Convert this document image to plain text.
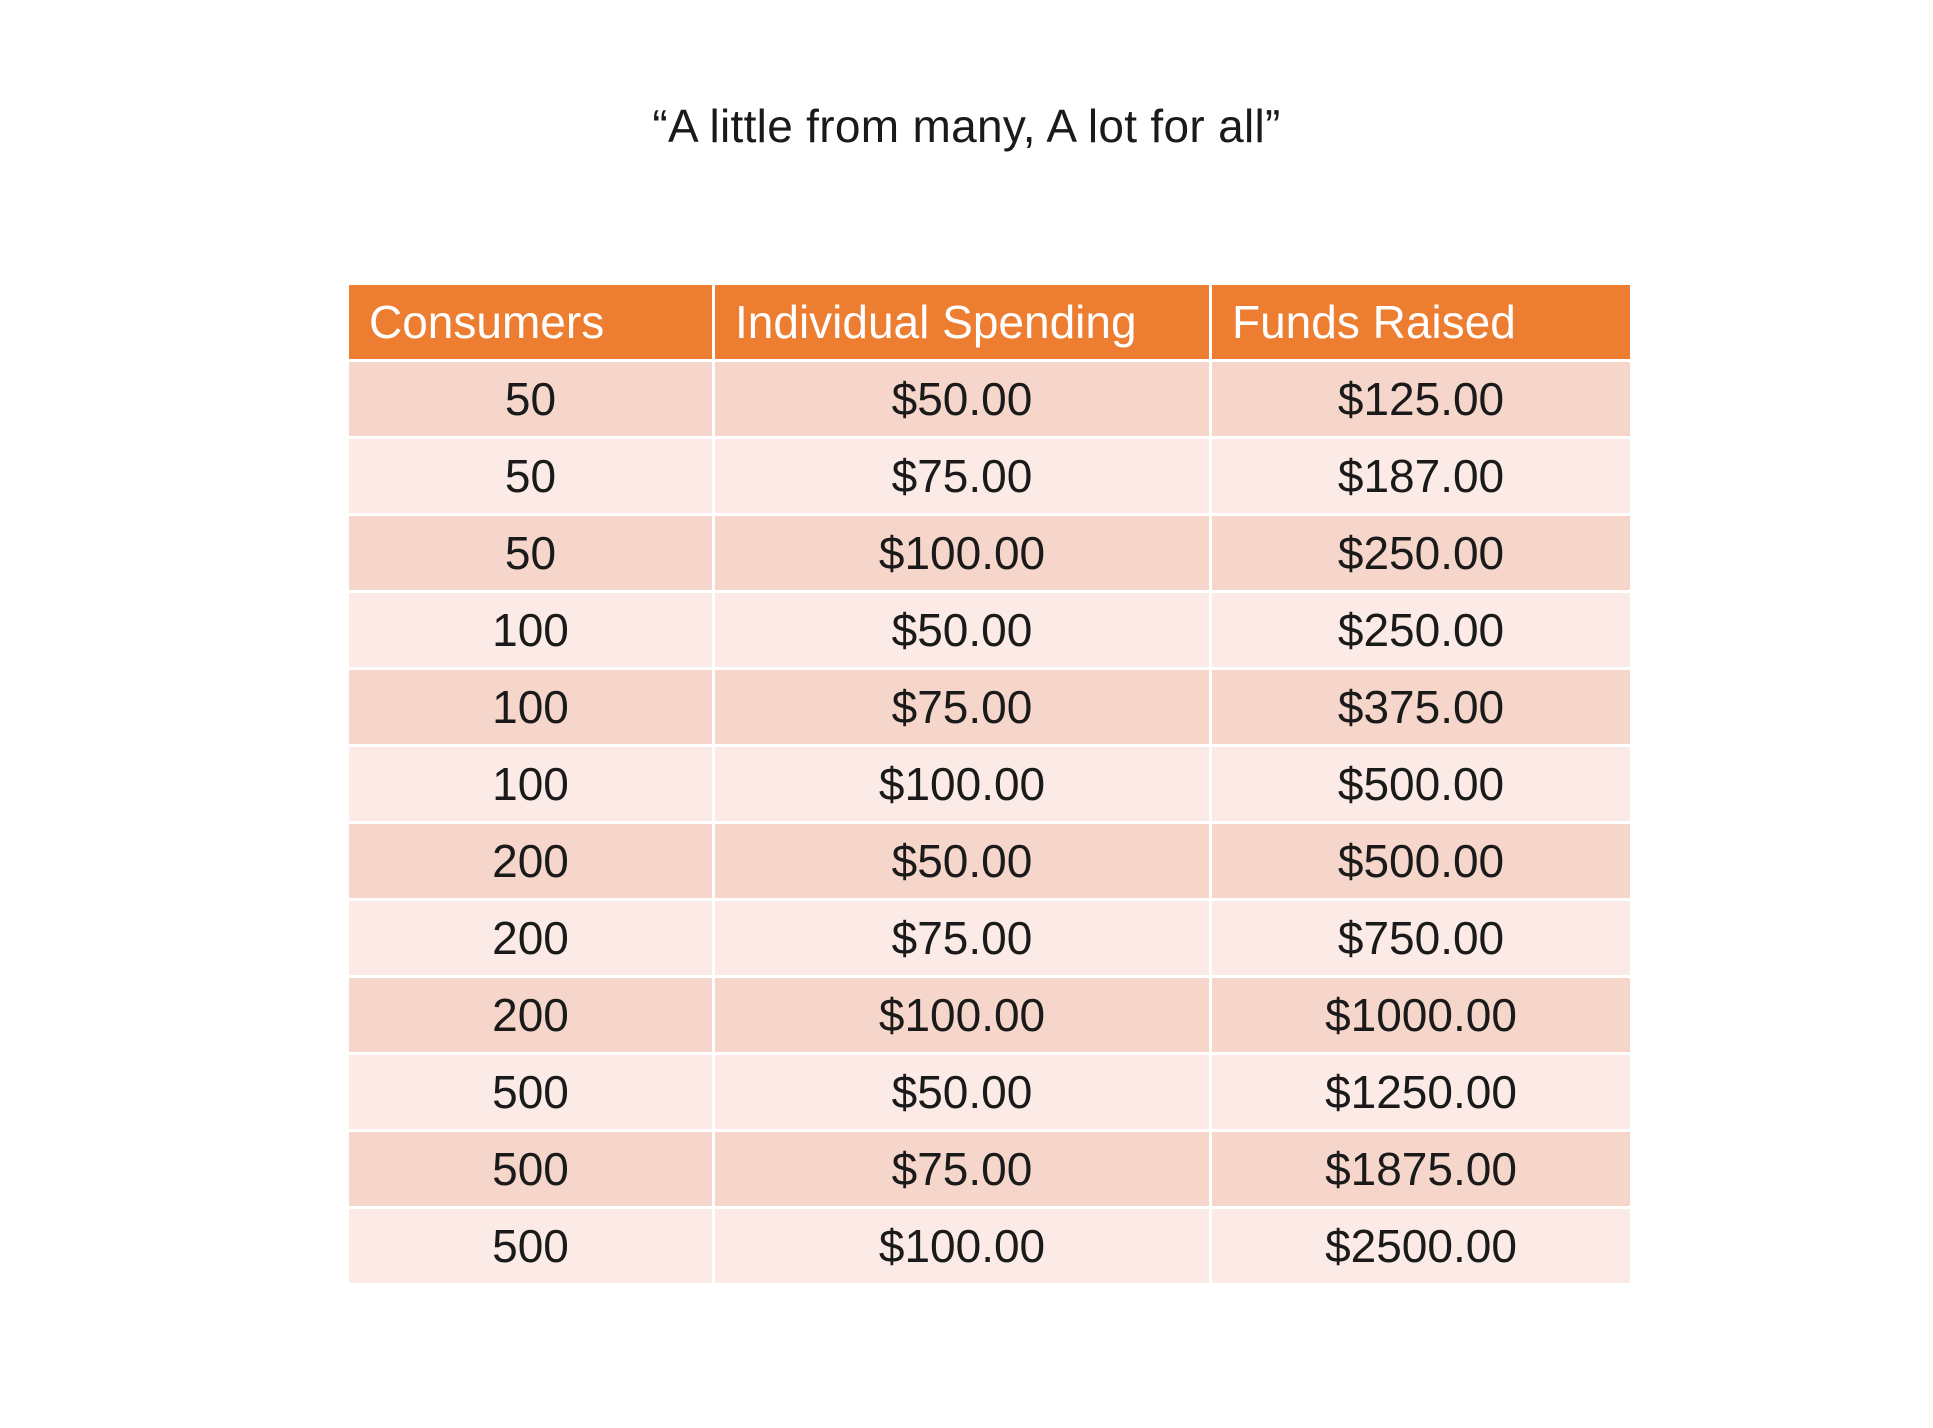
“A little from many, A lot for all”
Consumers	Individual Spending	Funds Raised
50	$50.00	$125.00
50	$75.00	$187.00
50	$100.00	$250.00
100	$50.00	$250.00
100	$75.00	$375.00
100	$100.00	$500.00
200	$50.00	$500.00
200	$75.00	$750.00
200	$100.00	$1000.00
500	$50.00	$1250.00
500	$75.00	$1875.00
500	$100.00	$2500.00
